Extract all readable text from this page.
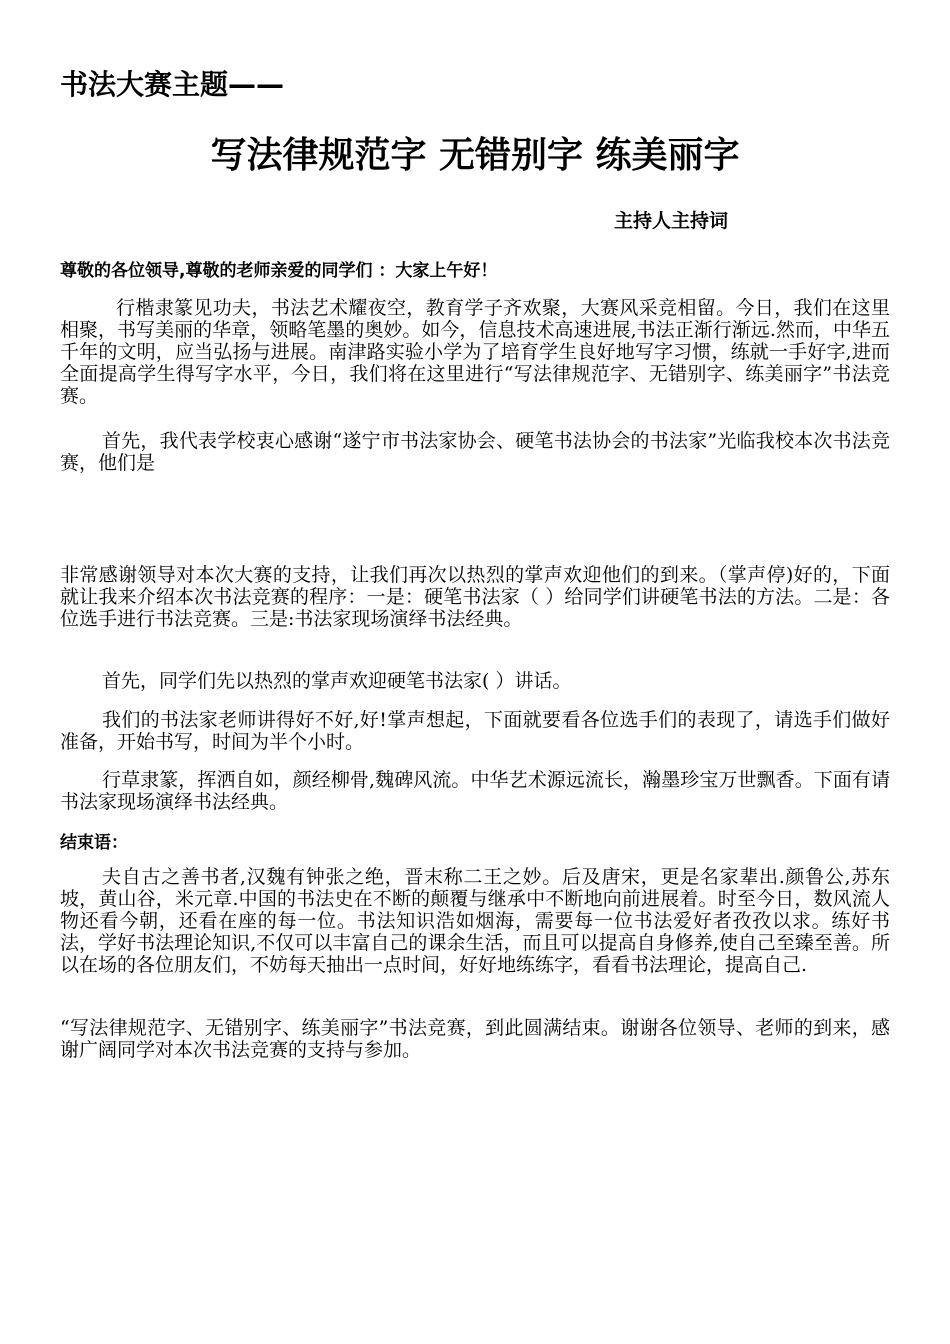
书法大赛主题——
写法律规范字 无错别字 练美丽字
主持人主持词
尊敬的各位领导,尊敬的老师亲爱的同学们 ：大家上午好！

行楷隶篆见功夫，书法艺术耀夜空，教育学子齐欢聚，大赛风采竞相留。今日，我们在这里相聚，书写美丽的华章，领略笔墨的奥妙。如今，信息技术高速进展,书法正渐行渐远.然而，中华五千年的文明，应当弘扬与进展。南津路实验小学为了培育学生良好地写字习惯，练就一手好字,进而全面提高学生得写字水平，今日，我们将在这里进行“写法律规范字、无错别字、练美丽字”书法竞赛。

首先，我代表学校衷心感谢“遂宁市书法家协会、硬笔书法协会的书法家”光临我校本次书法竞赛，他们是

非常感谢领导对本次大赛的支持，让我们再次以热烈的掌声欢迎他们的到来。（掌声停)好的，下面就让我来介绍本次书法竞赛的程序：一是：硬笔书法家（ ）给同学们讲硬笔书法的方法。二是：各位选手进行书法竞赛。三是:书法家现场演绎书法经典。

首先，同学们先以热烈的掌声欢迎硬笔书法家( ）讲话。

我们的书法家老师讲得好不好,好!掌声想起，下面就要看各位选手们的表现了，请选手们做好准备，开始书写，时间为半个小时。

行草隶篆，挥洒自如，颜经柳骨,魏碑风流。中华艺术源远流长，瀚墨珍宝万世飘香。下面有请书法家现场演绎书法经典。

结束语：

夫自古之善书者,汉魏有钟张之绝，晋末称二王之妙。后及唐宋，更是名家辈出.颜鲁公,苏东坡，黄山谷，米元章.中国的书法史在不断的颠覆与继承中不断地向前进展着。时至今日，数风流人物还看今朝，还看在座的每一位。书法知识浩如烟海，需要每一位书法爱好者孜孜以求。练好书法，学好书法理论知识,不仅可以丰富自己的课余生活，而且可以提高自身修养,使自己至臻至善。所以在场的各位朋友们，不妨每天抽出一点时间，好好地练练字，看看书法理论，提高自己.

“写法律规范字、无错别字、练美丽字”书法竞赛，到此圆满结束。谢谢各位领导、老师的到来，感谢广阔同学对本次书法竞赛的支持与参加。
